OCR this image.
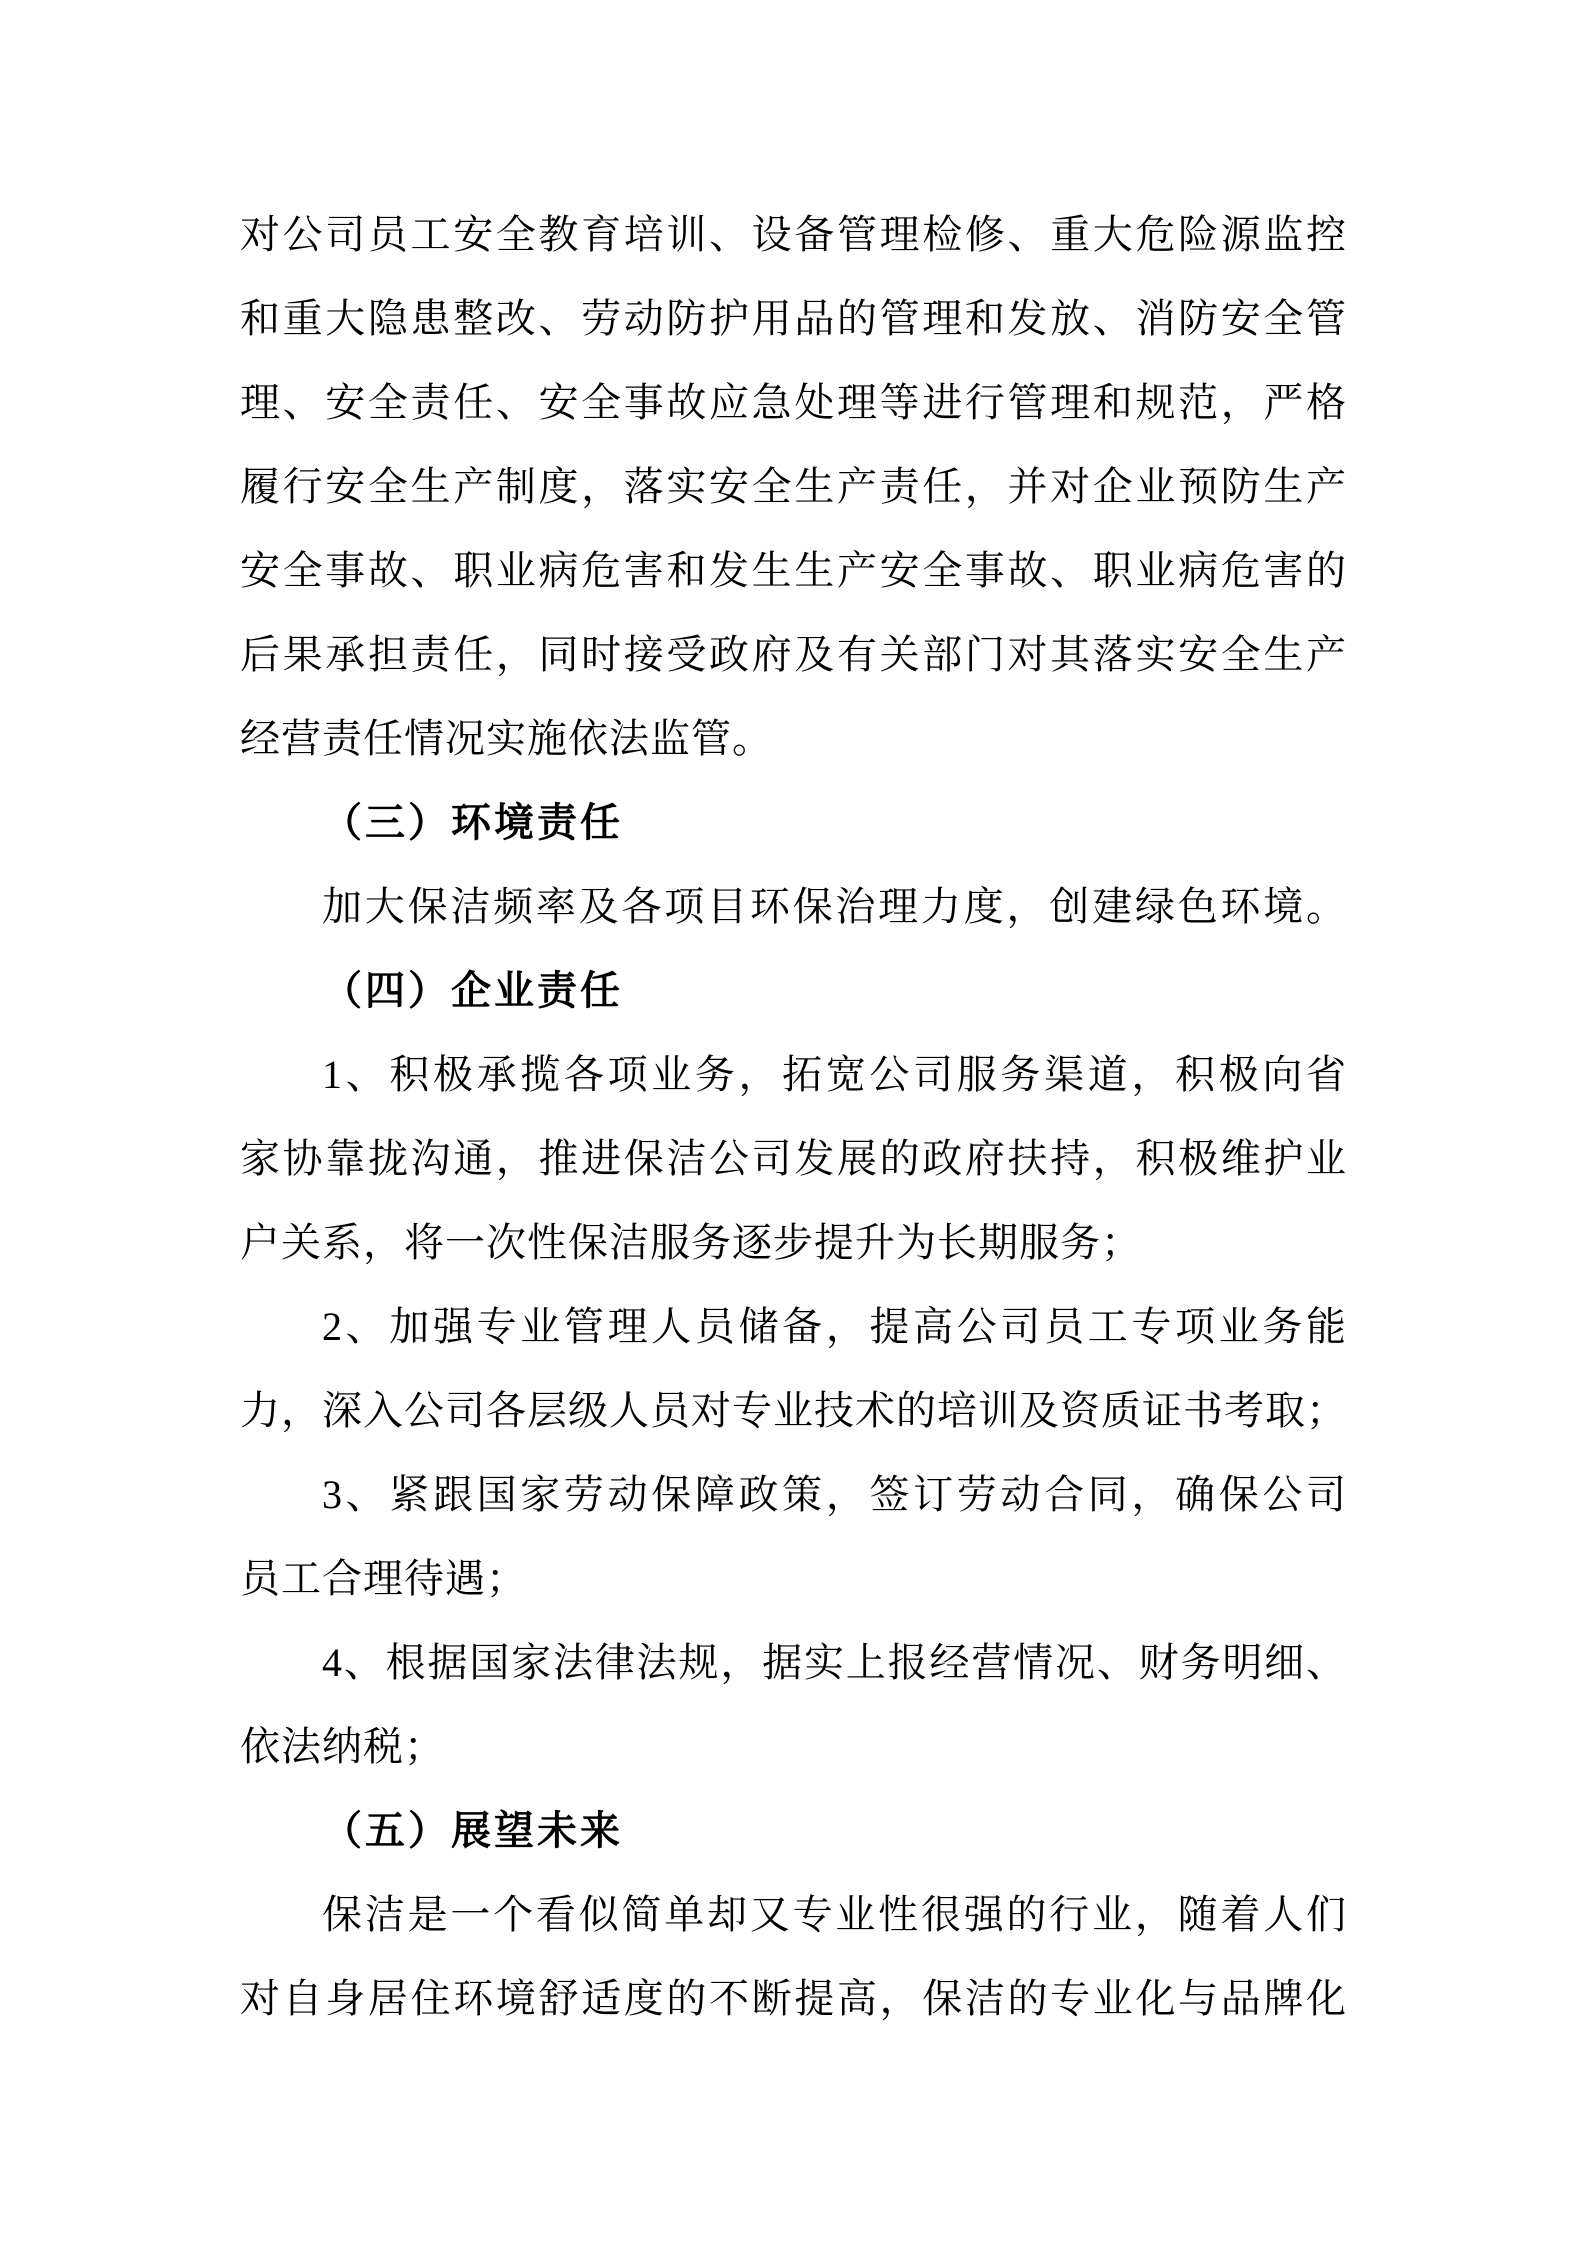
对公司员工安全教育培训、设备管理检修、重大危险源监控
和重大隐患整改、劳动防护用品的管理和发放、消防安全管
理、安全责任、安全事故应急处理等进行管理和规范，严格
履行安全生产制度，落实安全生产责任，并对企业预防生产
安全事故、职业病危害和发生生产安全事故、职业病危害的
后果承担责任，同时接受政府及有关部门对其落实安全生产
经营责任情况实施依法监管。
（三）环境责任
加大保洁频率及各项目环保治理力度，创建绿色环境。
（四）企业责任
1、积极承揽各项业务，拓宽公司服务渠道，积极向省
家协靠拢沟通，推进保洁公司发展的政府扶持，积极维护业
户关系，将一次性保洁服务逐步提升为长期服务；
2、加强专业管理人员储备，提高公司员工专项业务能
力，深入公司各层级人员对专业技术的培训及资质证书考取；
3、紧跟国家劳动保障政策，签订劳动合同，确保公司
员工合理待遇；
4、根据国家法律法规，据实上报经营情况、财务明细、
依法纳税；
（五）展望未来
保洁是一个看似简单却又专业性很强的行业，随着人们
对自身居住环境舒适度的不断提高，保洁的专业化与品牌化
